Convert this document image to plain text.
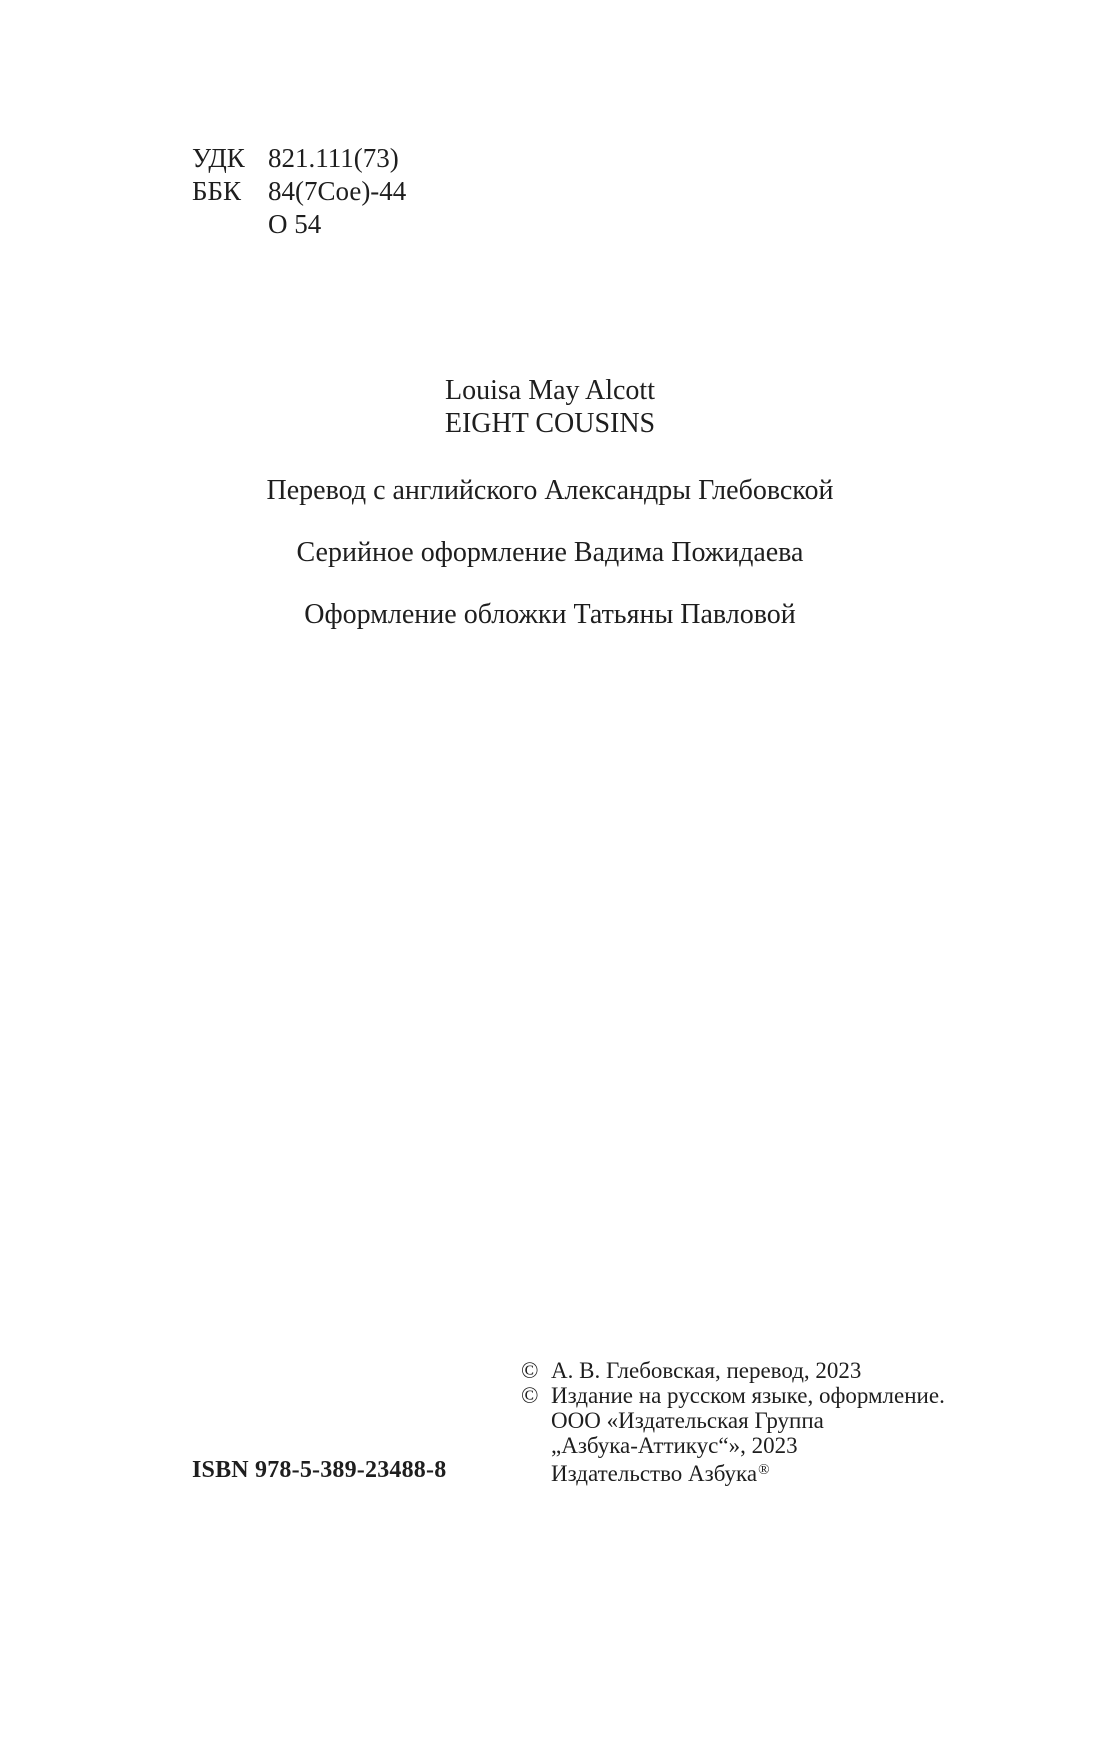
УДК 821.111(73)
ББК 84(7Сое)-44
О 54
Louisa May Alcott
EIGHT COUSINS
Перевод с английского Александры Глебовской
Серийное оформление Вадима Пожидаева
Оформление обложки Татьяны Павловой
ISBN 978-5-389-23488-8
© А. В. Глебовская, перевод, 2023
© Издание на русском языке, оформление.
ООО «Издательская Группа
„Азбука-Аттикус“», 2023
Издательство Азбука®
